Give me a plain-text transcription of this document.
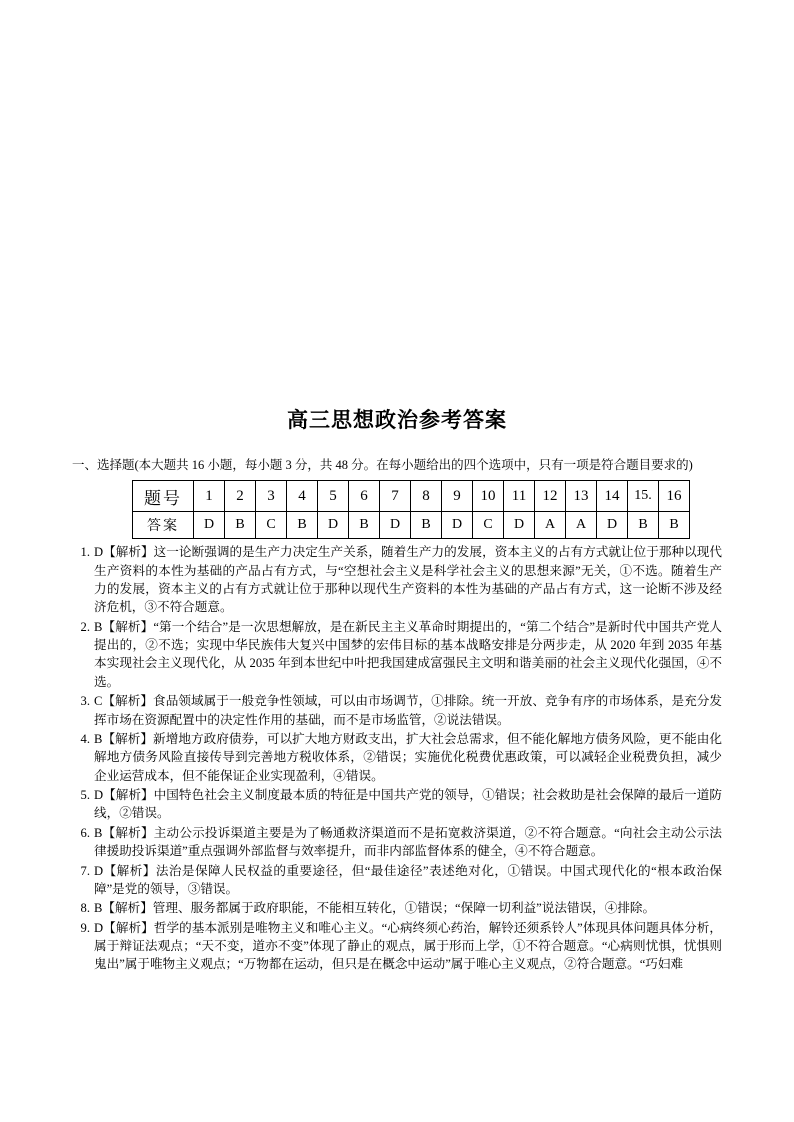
高三思想政治参考答案

一、选择题(本大题共 16 小题，每小题 3 分，共 48 分。在每小题给出的四个选项中，只有一项是符合题目要求的)

题号	1	2	3	4	5	6	7	8	9	10	11	12	13	14	15.	16
答案	D	B	C	B	D	B	D	B	D	C	D	A	A	D	B	B
D【解析】这一论断强调的是生产力决定生产关系，随着生产力的发展，资本主义的占有方式就让位于那种以现代生产资料的本性为基础的产品占有方式，与“空想社会主义是科学社会主义的思想来源”无关，①不选。随着生产力的发展，资本主义的占有方式就让位于那种以现代生产资料的本性为基础的产品占有方式，这一论断不涉及经济危机，③不符合题意。
B【解析】“第一个结合”是一次思想解放，是在新民主主义革命时期提出的，“第二个结合”是新时代中国共产党人提出的，②不选；实现中华民族伟大复兴中国梦的宏伟目标的基本战略安排是分两步走，从 2020 年到 2035 年基本实现社会主义现代化，从 2035 年到本世纪中叶把我国建成富强民主文明和谐美丽的社会主义现代化强国，④不选。
C【解析】食品领域属于一般竞争性领域，可以由市场调节，①排除。统一开放、竞争有序的市场体系，是充分发挥市场在资源配置中的决定性作用的基础，而不是市场监管，②说法错误。
B【解析】新增地方政府债券，可以扩大地方财政支出，扩大社会总需求，但不能化解地方债务风险，更不能由化解地方债务风险直接传导到完善地方税收体系，②错误；实施优化税费优惠政策，可以减轻企业税费负担，减少企业运营成本，但不能保证企业实现盈利，④错误。
D【解析】中国特色社会主义制度最本质的特征是中国共产党的领导，①错误；社会救助是社会保障的最后一道防线，②错误。
B【解析】主动公示投诉渠道主要是为了畅通救济渠道而不是拓宽救济渠道，②不符合题意。“向社会主动公示法律援助投诉渠道”重点强调外部监督与效率提升，而非内部监督体系的健全，④不符合题意。
D【解析】法治是保障人民权益的重要途径，但“最佳途径”表述绝对化，①错误。中国式现代化的“根本政治保障”是党的领导，③错误。
B【解析】管理、服务都属于政府职能，不能相互转化，①错误；“保障一切利益”说法错误，④排除。
D【解析】哲学的基本派别是唯物主义和唯心主义。“心病终须心药治，解铃还须系铃人”体现具体问题具体分析，属于辩证法观点；“天不变，道亦不变”体现了静止的观点，属于形而上学，①不符合题意。“心病则忧惧，忧惧则鬼出”属于唯物主义观点；“万物都在运动，但只是在概念中运动”属于唯心主义观点，②符合题意。“巧妇难
